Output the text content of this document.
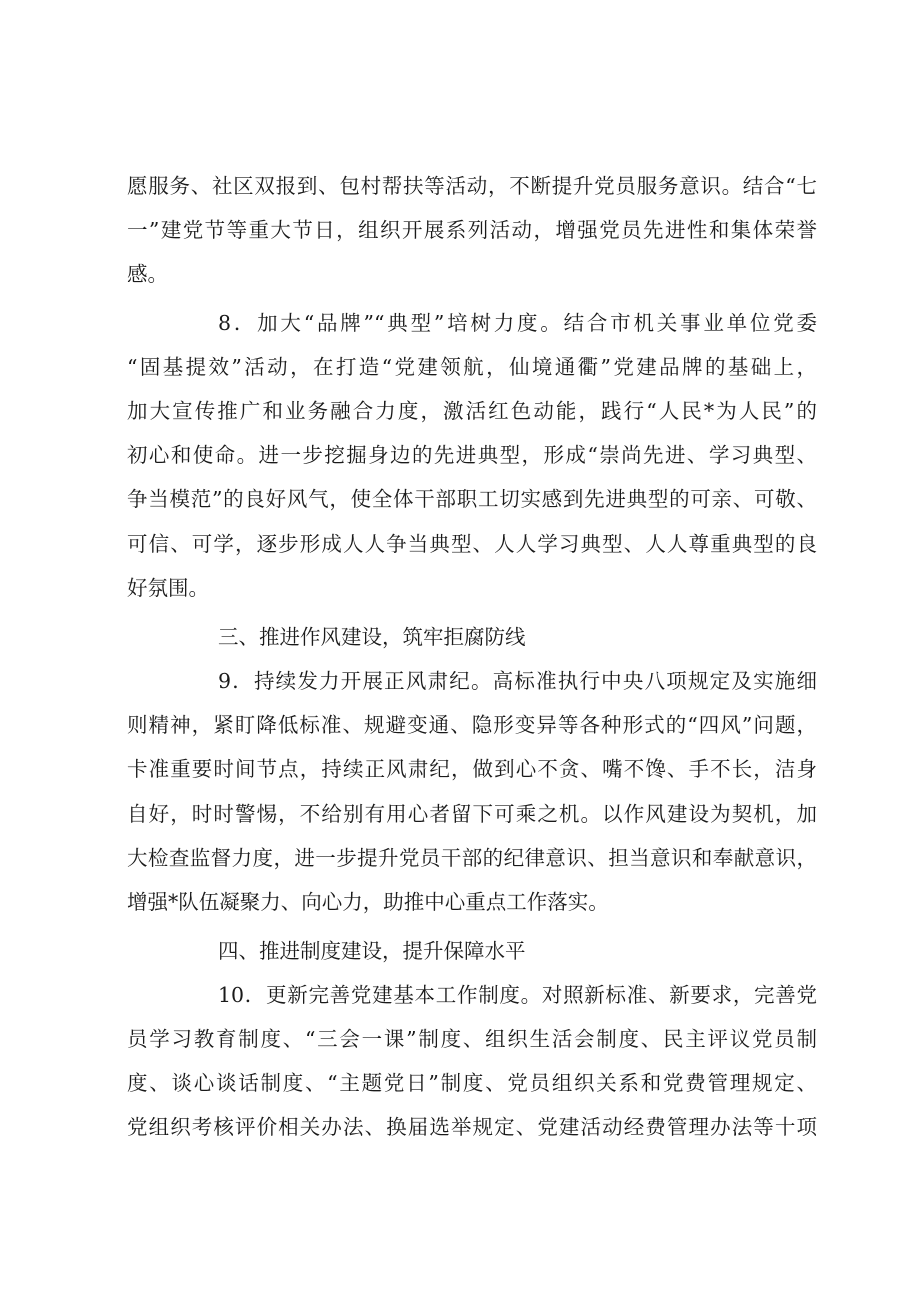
愿服务、社区双报到、包村帮扶等活动，不断提升党员服务意识。结合“七
一”建党节等重大节日，组织开展系列活动，增强党员先进性和集体荣誉
感。
8．加大“品牌”“典型”培树力度。结合市机关事业单位党委
“固基提效”活动，在打造“党建领航，仙境通衢”党建品牌的基础上，
加大宣传推广和业务融合力度，激活红色动能，践行“人民*为人民”的
初心和使命。进一步挖掘身边的先进典型，形成“崇尚先进、学习典型、
争当模范”的良好风气，使全体干部职工切实感到先进典型的可亲、可敬、
可信、可学，逐步形成人人争当典型、人人学习典型、人人尊重典型的良
好氛围。
三、推进作风建设，筑牢拒腐防线
9．持续发力开展正风肃纪。高标准执行中央八项规定及实施细
则精神，紧盯降低标准、规避变通、隐形变异等各种形式的“四风”问题，
卡准重要时间节点，持续正风肃纪，做到心不贪、嘴不馋、手不长，洁身
自好，时时警惕，不给别有用心者留下可乘之机。以作风建设为契机，加
大检查监督力度，进一步提升党员干部的纪律意识、担当意识和奉献意识，
增强*队伍凝聚力、向心力，助推中心重点工作落实。
四、推进制度建设，提升保障水平
10．更新完善党建基本工作制度。对照新标准、新要求，完善党
员学习教育制度、“三会一课”制度、组织生活会制度、民主评议党员制
度、谈心谈话制度、“主题党日”制度、党员组织关系和党费管理规定、
党组织考核评价相关办法、换届选举规定、党建活动经费管理办法等十项
